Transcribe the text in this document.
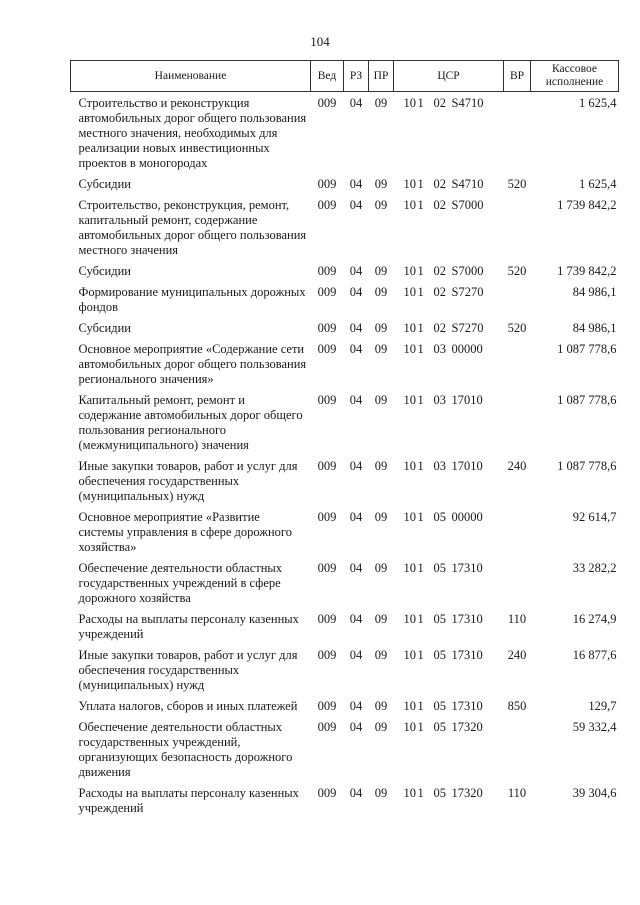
104
Наименование	Вед	РЗ	ПР	ЦСР	ВР	Кассовое исполнение
Строительство и реконструкция автомобильных дорог общего пользования местного значения, необходимых для реализации новых инвестиционных проектов в моногородах	009	04	09	10 1 02 S4710		1 625,4
Субсидии	009	04	09	10 1 02 S4710	520	1 625,4
Строительство, реконструкция, ремонт, капитальный ремонт, содержание автомобильных дорог общего пользования местного значения	009	04	09	10 1 02 S7000		1 739 842,2
Субсидии	009	04	09	10 1 02 S7000	520	1 739 842,2
Формирование муниципальных дорожных фондов	009	04	09	10 1 02 S7270		84 986,1
Субсидии	009	04	09	10 1 02 S7270	520	84 986,1
Основное мероприятие «Содержание сети автомобильных дорог общего пользования регионального значения»	009	04	09	10 1 03 00000		1 087 778,6
Капитальный ремонт, ремонт и содержание автомобильных дорог общего пользования регионального (межмуниципального) значения	009	04	09	10 1 03 17010		1 087 778,6
Иные закупки товаров, работ и услуг для обеспечения государственных (муниципальных) нужд	009	04	09	10 1 03 17010	240	1 087 778,6
Основное мероприятие «Развитие системы управления в сфере дорожного хозяйства»	009	04	09	10 1 05 00000		92 614,7
Обеспечение деятельности областных государственных учреждений в сфере дорожного хозяйства	009	04	09	10 1 05 17310		33 282,2
Расходы на выплаты персоналу казенных учреждений	009	04	09	10 1 05 17310	110	16 274,9
Иные закупки товаров, работ и услуг для обеспечения государственных (муниципальных) нужд	009	04	09	10 1 05 17310	240	16 877,6
Уплата налогов, сборов и иных платежей	009	04	09	10 1 05 17310	850	129,7
Обеспечение деятельности областных государственных учреждений, организующих безопасность дорожного движения	009	04	09	10 1 05 17320		59 332,4
Расходы на выплаты персоналу казенных учреждений	009	04	09	10 1 05 17320	110	39 304,6
